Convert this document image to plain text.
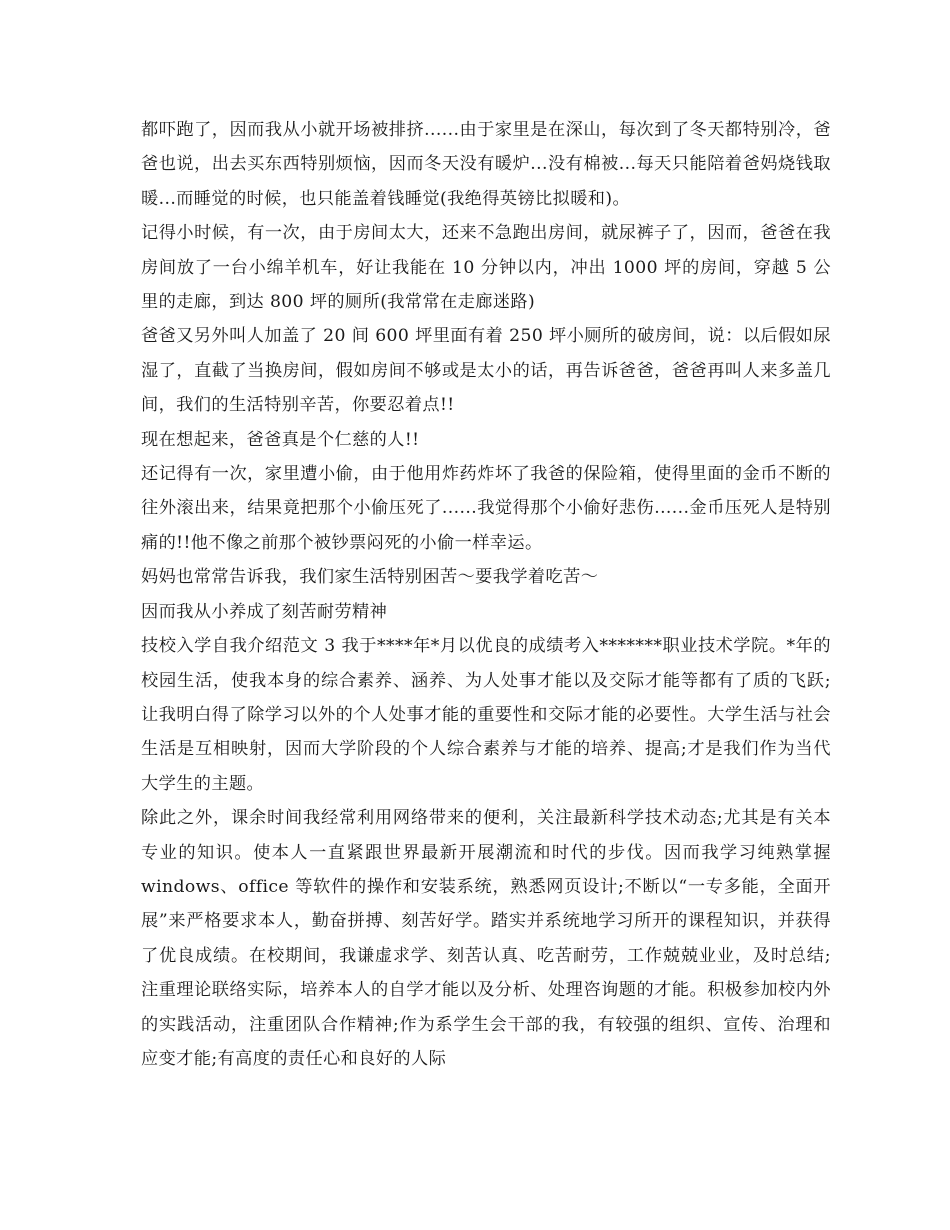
都吓跑了，因而我从小就开场被排挤......由于家里是在深山，每次到了冬天都特别冷，爸爸也说，出去买东西特别烦恼，因而冬天没有暖炉...没有棉被...每天只能陪着爸妈烧钱取暖...而睡觉的时候，也只能盖着钱睡觉(我绝得英镑比拟暖和)。

记得小时候，有一次，由于房间太大，还来不急跑出房间，就尿裤子了，因而，爸爸在我房间放了一台小绵羊机车，好让我能在 10 分钟以内，冲出 1000 坪的房间，穿越 5 公里的走廊，到达 800 坪的厕所(我常常在走廊迷路)

爸爸又另外叫人加盖了 20 间 600 坪里面有着 250 坪小厕所的破房间，说：以后假如尿湿了，直截了当换房间，假如房间不够或是太小的话，再告诉爸爸，爸爸再叫人来多盖几间，我们的生活特别辛苦，你要忍着点!!

现在想起来，爸爸真是个仁慈的人!!

还记得有一次，家里遭小偷，由于他用炸药炸坏了我爸的保险箱，使得里面的金币不断的往外滚出来，结果竟把那个小偷压死了......我觉得那个小偷好悲伤......金币压死人是特别痛的!!他不像之前那个被钞票闷死的小偷一样幸运。

妈妈也常常告诉我，我们家生活特别困苦～要我学着吃苦～

因而我从小养成了刻苦耐劳精神

技校入学自我介绍范文 3 我于****年*月以优良的成绩考入*******职业技术学院。*年的校园生活，使我本身的综合素养、涵养、为人处事才能以及交际才能等都有了质的飞跃;让我明白得了除学习以外的个人处事才能的重要性和交际才能的必要性。大学生活与社会生活是互相映射，因而大学阶段的个人综合素养与才能的培养、提高;才是我们作为当代大学生的主题。

除此之外，课余时间我经常利用网络带来的便利，关注最新科学技术动态;尤其是有关本专业的知识。使本人一直紧跟世界最新开展潮流和时代的步伐。因而我学习纯熟掌握 windows、office 等软件的操作和安装系统，熟悉网页设计;不断以“一专多能，全面开展”来严格要求本人，勤奋拼搏、刻苦好学。踏实并系统地学习所开的课程知识，并获得了优良成绩。在校期间，我谦虚求学、刻苦认真、吃苦耐劳，工作兢兢业业，及时总结;注重理论联络实际，培养本人的自学才能以及分析、处理咨询题的才能。积极参加校内外的实践活动，注重团队合作精神;作为系学生会干部的我，有较强的组织、宣传、治理和应变才能;有高度的责任心和良好的人际
